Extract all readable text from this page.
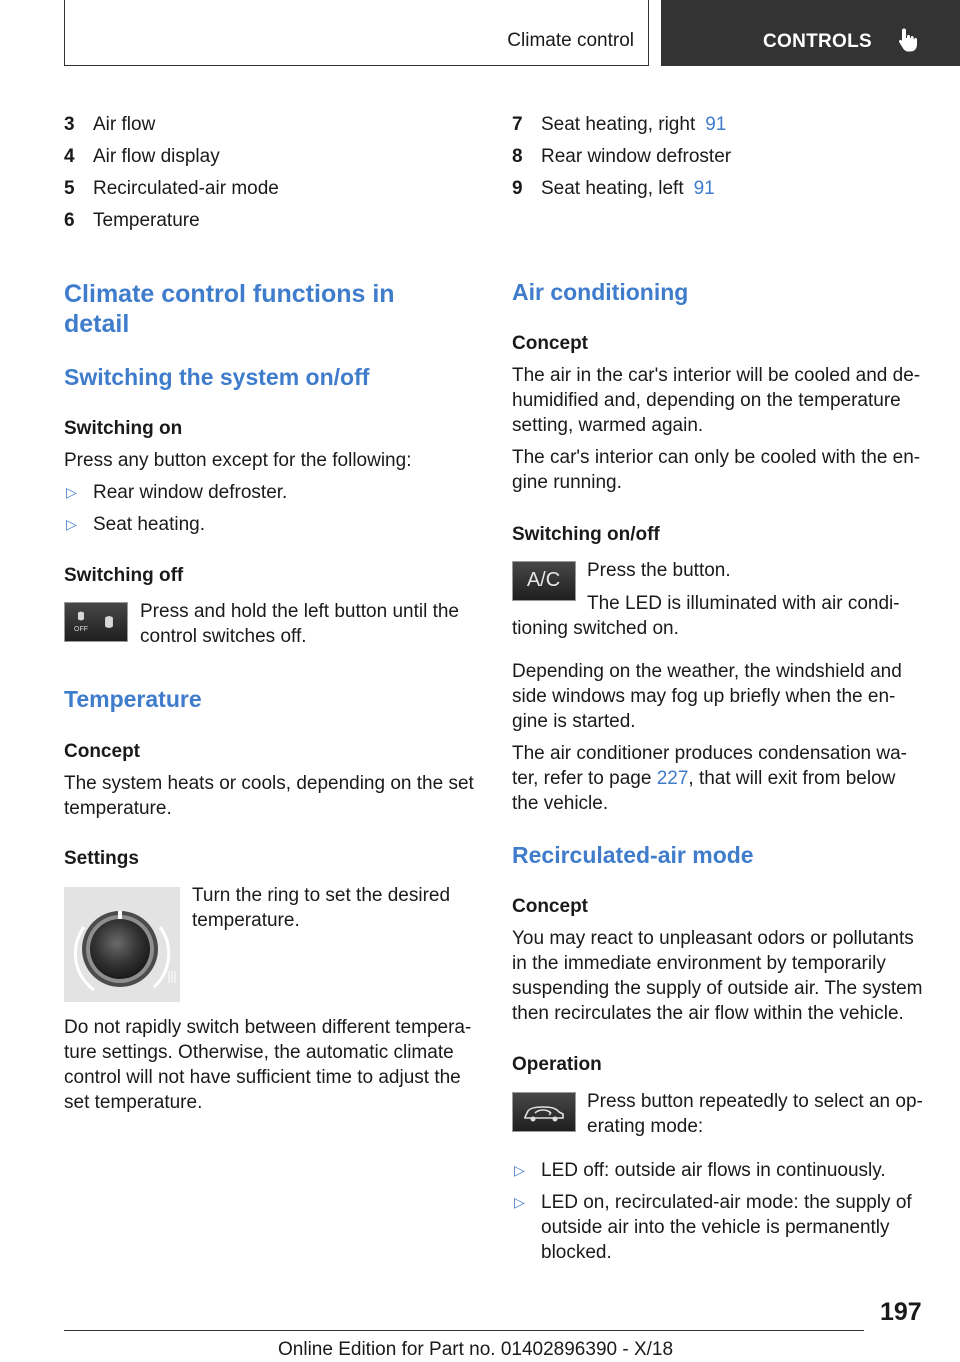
Climate control	CONTROLS
3 Air flow
4 Air flow display
5 Recirculated-air mode
6 Temperature
7 Seat heating, right 91
8 Rear window defroster
9 Seat heating, left 91
Climate control functions in
detail
Switching the system on/off
Switching on
Press any button except for the following:
▷ Rear window defroster.
▷ Seat heating.
Switching off
OFF
Press and hold the left button until the
control switches off.
Temperature
Concept
The system heats or cools, depending on the set
temperature.
Settings
Turn the ring to set the desired
temperature.
Do not rapidly switch between different tempera‐
ture settings. Otherwise, the automatic climate
control will not have sufficient time to adjust the
set temperature.
Air conditioning
Concept
The air in the car's interior will be cooled and de‐
humidified and, depending on the temperature
setting, warmed again.
The car's interior can only be cooled with the en‐
gine running.
Switching on/off
A/C	Press the button.
The LED is illuminated with air condi‐
tioning switched on.
Depending on the weather, the windshield and
side windows may fog up briefly when the en‐
gine is started.
The air conditioner produces condensation wa‐
ter, refer to page 227, that will exit from below
the vehicle.
Recirculated-air mode
Concept
You may react to unpleasant odors or pollutants
in the immediate environment by temporarily
suspending the supply of outside air. The system
then recirculates the air flow within the vehicle.
Operation
Press button repeatedly to select an op‐
erating mode:
▷ LED off: outside air flows in continuously.
▷ LED on, recirculated-air mode: the supply of
outside air into the vehicle is permanently
blocked.
197
Online Edition for Part no. 01402896390 - X/18
